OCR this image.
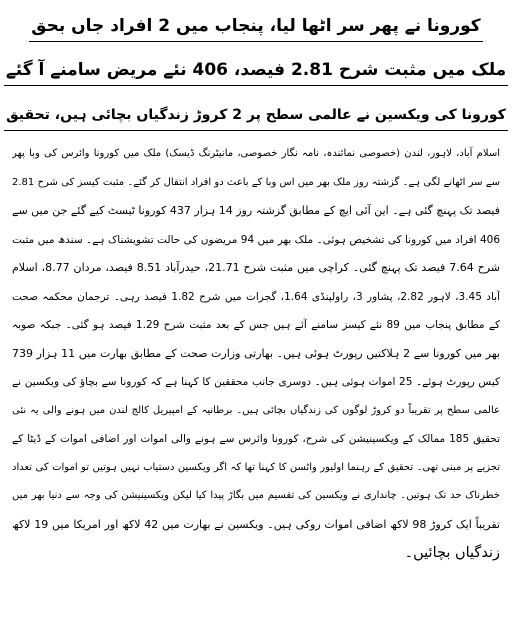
کورونا نے پھر سر اٹھا لیا، پنجاب میں 2 افراد جاں بحق
ملک میں مثبت شرح 2.81 فیصد، 406 نئے مریض سامنے آ گئے
کورونا کی ویکسین نے عالمی سطح پر 2 کروڑ زندگیاں بچائی ہیں، تحقیق
اسلام آباد، لاہور، لندن (خصوصی نمائندہ، نامہ نگار خصوصی، مانیٹرنگ ڈیسک) ملک میں کورونا وائرس کی وبا پھر
سے سر اٹھانے لگی ہے۔ گزشتہ روز ملک بھر میں اس وبا کے باعث دو افراد انتقال کر گئے۔ مثبت کیسز کی شرح 2.81
فیصد تک پہنچ گئی ہے۔ این آئی ایچ کے مطابق گزشتہ روز 14 ہزار 437 کورونا ٹیسٹ کیے گئے جن میں سے
406 افراد میں کورونا کی تشخیص ہوئی۔ ملک بھر میں 94 مریضوں کی حالت تشویشناک ہے۔ سندھ میں مثبت
شرح 7.64 فیصد تک پہنچ گئی۔ کراچی میں مثبت شرح 21.71، حیدرآباد 8.51 فیصد، مردان 8.77، اسلام
آباد 3.45، لاہور 2.82، پشاور 3، راولپنڈی 1.64، گجرات میں شرح 1.82 فیصد رہی۔ ترجمان محکمہ صحت
کے مطابق پنجاب میں 89 نئے کیسز سامنے آئے ہیں جس کے بعد مثبت شرح 1.29 فیصد ہو گئی۔ جبکہ صوبہ
بھر میں کورونا سے 2 ہلاکتیں رپورٹ ہوئی ہیں۔ بھارتی وزارت صحت کے مطابق بھارت میں 11 ہزار 739
کیس رپورٹ ہوئے۔ 25 اموات ہوئی ہیں۔ دوسری جانب محققین کا کہنا ہے کہ کورونا سے بچاؤ کی ویکسین نے
عالمی سطح پر تقریباً دو کروڑ لوگوں کی زندگیاں بچائی ہیں۔ برطانیہ کے امپیریل کالج لندن میں ہونے والی یہ نئی
تحقیق 185 ممالک کے ویکسینیشن کی شرح، کورونا وائرس سے ہونے والی اموات اور اضافی اموات کے ڈیٹا کے
تجزیے پر مبنی تھی۔ تحقیق کے رہنما اولیور واٹسن کا کہنا تھا کہ اگر ویکسین دستیاب نہیں ہوتیں تو اموات کی تعداد
خطرناک حد تک ہوتیں۔ چانداری نے ویکسین کی تقسیم میں بگاڑ پیدا کیا لیکن ویکسینیشن کی وجہ سے دنیا بھر میں
تقریباً ایک کروڑ 98 لاکھ اضافی اموات روکی ہیں۔ ویکسین نے بھارت میں 42 لاکھ اور امریکا میں 19 لاکھ
زندگیاں بچائیں۔
